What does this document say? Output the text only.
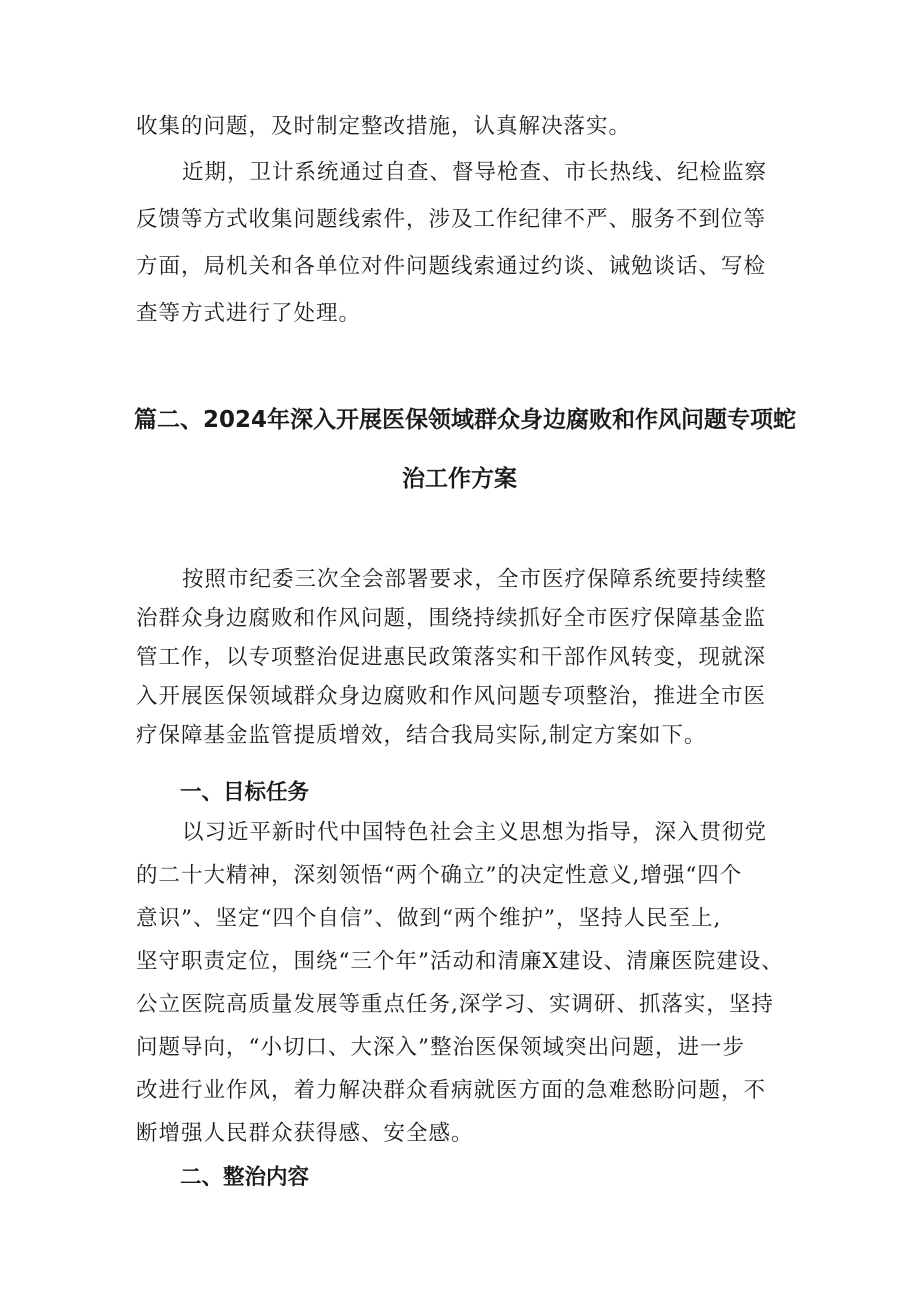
收集的问题，及时制定整改措施，认真解决落实。

近期，卫计系统通过自查、督导枪查、市长热线、纪检监察

反馈等方式收集问题线索件，涉及工作纪律不严、服务不到位等

方面，局机关和各单位对件问题线索通过约谈、诫勉谈话、写检

查等方式进行了处理。

篇二、2024年深入开展医保领域群众身边腐败和作风问题专项蛇
治工作方案

按照市纪委三次全会部署要求，全市医疗保障系统要持续整

治群众身边腐败和作风问题，围绕持续抓好全市医疗保障基金监

管工作，以专项整治促进惠民政策落实和干部作风转变，现就深

入开展医保领域群众身边腐败和作风问题专项整治，推进全市医

疗保障基金监管提质增效，结合我局实际,制定方案如下。

一、目标任务

以习近平新时代中国特色社会主义思想为指导，深入贯彻党

的二十大精神，深刻领悟“两个确立”的决定性意义,增强“四个

意识”、坚定“四个自信”、做到“两个维护”，坚持人民至上,

坚守职责定位，围绕“三个年”活动和清廉X建设、清廉医院建设、

公立医院高质量发展等重点任务,深学习、实调研、抓落实，坚持

问题导向，“小切口、大深入”整治医保领域突出问题，进一步

改进行业作风，着力解决群众看病就医方面的急难愁盼问题，不

断增强人民群众获得感、安全感。

二、整治内容
